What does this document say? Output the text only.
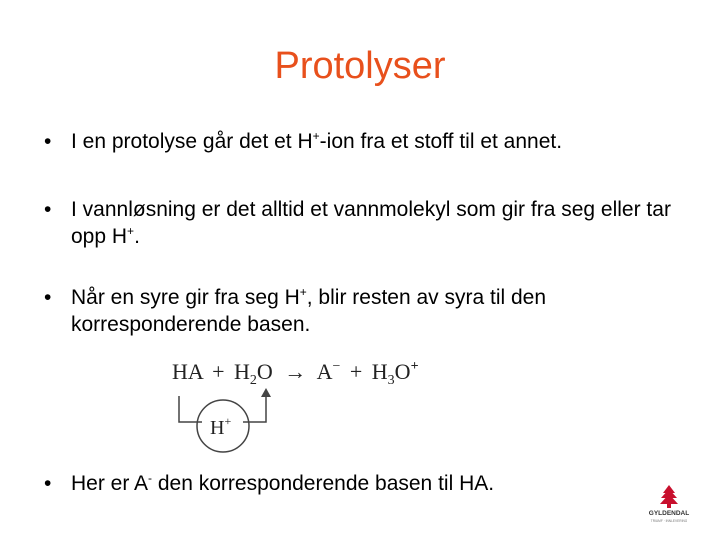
Protolyser
• I en protolyse går det et H+-ion fra et stoff til et annet.
• I vannløsning er det alltid et vannmolekyl som gir fra seg eller tar opp H+.
• Når en syre gir fra seg H+, blir resten av syra til den korresponderende basen.
• Her er A- den korresponderende basen til HA.
HA + $H_2O \to A^- + H_3O^+$
H+
GYLDENDAL
TRIUMF · INNLEVERING
